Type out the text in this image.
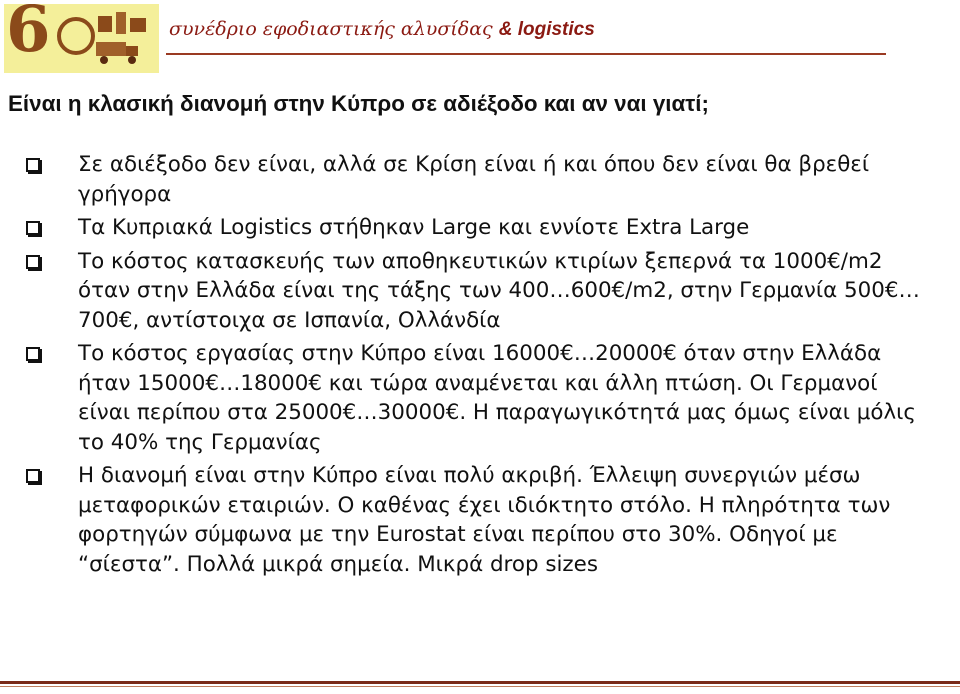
6	συνέδριο εφοδιαστικής αλυσίδας & logistics
Είναι η κλασική διανομή στην Κύπρο σε αδιέξοδο και αν ναι γιατί;
Σε αδιέξοδο δεν είναι, αλλά σε Κρίση είναι ή και όπου δεν είναι θα βρεθεί γρήγορα
Τα Κυπριακά Logistics στήθηκαν Large και εννίοτε Extra Large
Το κόστος κατασκευής των αποθηκευτικών κτιρίων ξεπερνά τα 1000€/m2 όταν στην Ελλάδα είναι της τάξης των 400…600€/m2, στην Γερμανία 500€…700€, αντίστοιχα σε Ισπανία, Ολλάνδία
Το κόστος εργασίας στην Κύπρο είναι 16000€…20000€ όταν στην Ελλάδα ήταν 15000€…18000€ και τώρα αναμένεται και άλλη πτώση. Οι Γερμανοί είναι περίπου στα 25000€…30000€. Η παραγωγικότητά μας όμως είναι μόλις το 40% της Γερμανίας
Η διανομή είναι στην Κύπρο είναι πολύ ακριβή. Έλλειψη συνεργιών μέσω μεταφορικών εταιριών. Ο καθένας έχει ιδιόκτητο στόλο. Η πληρότητα των φορτηγών σύμφωνα με την Eurostat είναι περίπου στο 30%. Οδηγοί με “σίεστα”. Πολλά μικρά σημεία. Μικρά drop sizes
